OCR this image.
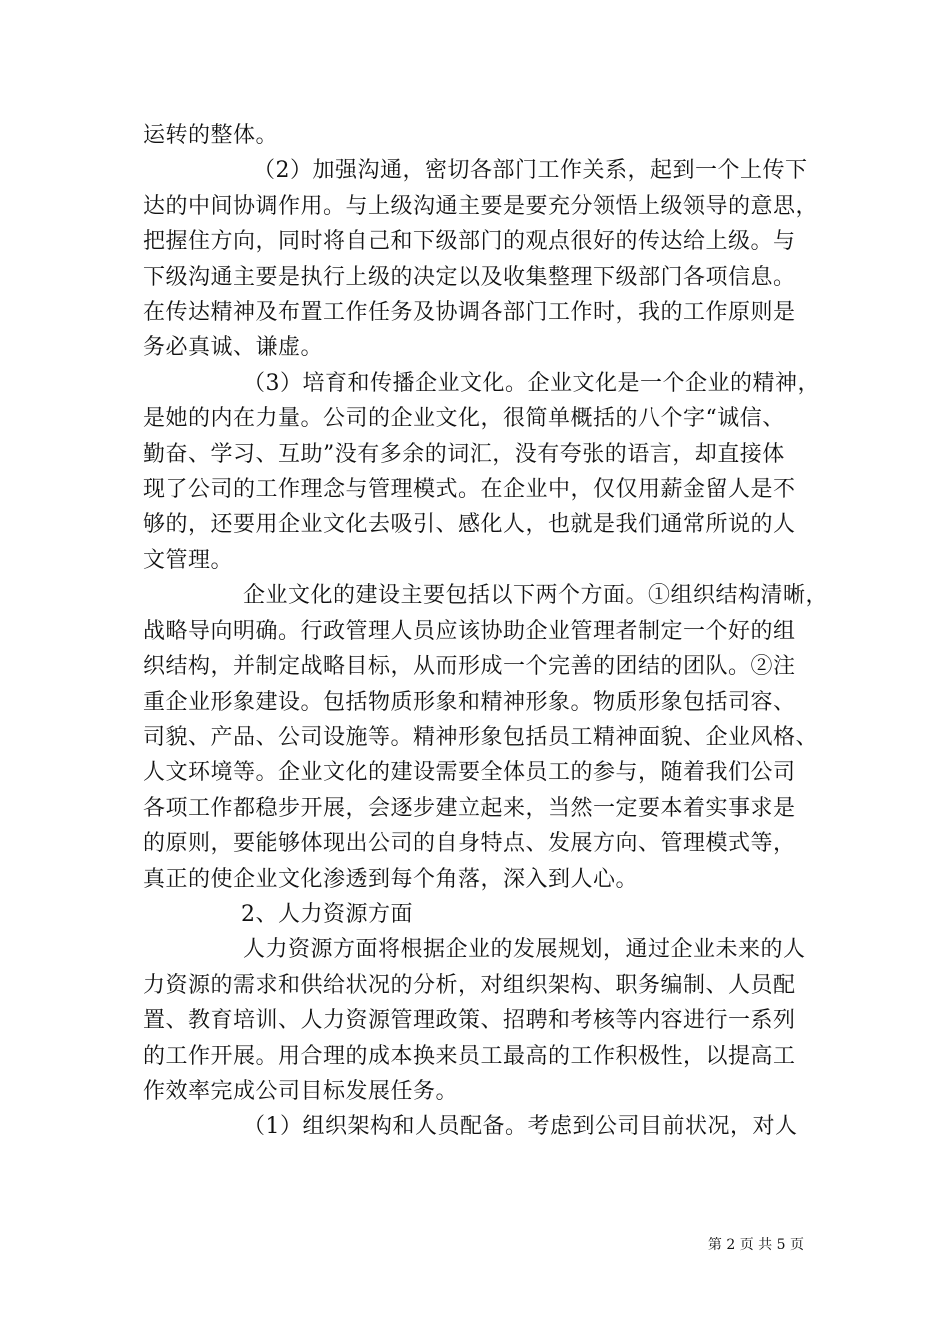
运转的整体。
（2）加强沟通，密切各部门工作关系，起到一个上传下
达的中间协调作用。与上级沟通主要是要充分领悟上级领导的意思，
把握住方向，同时将自己和下级部门的观点很好的传达给上级。与
下级沟通主要是执行上级的决定以及收集整理下级部门各项信息。
在传达精神及布置工作任务及协调各部门工作时，我的工作原则是
务必真诚、谦虚。
（3）培育和传播企业文化。企业文化是一个企业的精神，
是她的内在力量。公司的企业文化，很简单概括的八个字“诚信、
勤奋、学习、互助”没有多余的词汇，没有夸张的语言，却直接体
现了公司的工作理念与管理模式。在企业中，仅仅用薪金留人是不
够的，还要用企业文化去吸引、感化人，也就是我们通常所说的人
文管理。
企业文化的建设主要包括以下两个方面。①组织结构清晰，
战略导向明确。行政管理人员应该协助企业管理者制定一个好的组
织结构，并制定战略目标，从而形成一个完善的团结的团队。②注
重企业形象建设。包括物质形象和精神形象。物质形象包括司容、
司貌、产品、公司设施等。精神形象包括员工精神面貌、企业风格、
人文环境等。企业文化的建设需要全体员工的参与，随着我们公司
各项工作都稳步开展，会逐步建立起来，当然一定要本着实事求是
的原则，要能够体现出公司的自身特点、发展方向、管理模式等，
真正的使企业文化渗透到每个角落，深入到人心。
2、人力资源方面
人力资源方面将根据企业的发展规划，通过企业未来的人
力资源的需求和供给状况的分析，对组织架构、职务编制、人员配
置、教育培训、人力资源管理政策、招聘和考核等内容进行一系列
的工作开展。用合理的成本换来员工最高的工作积极性，以提高工
作效率完成公司目标发展任务。
（1）组织架构和人员配备。考虑到公司目前状况，对人
第 2 页 共 5 页
